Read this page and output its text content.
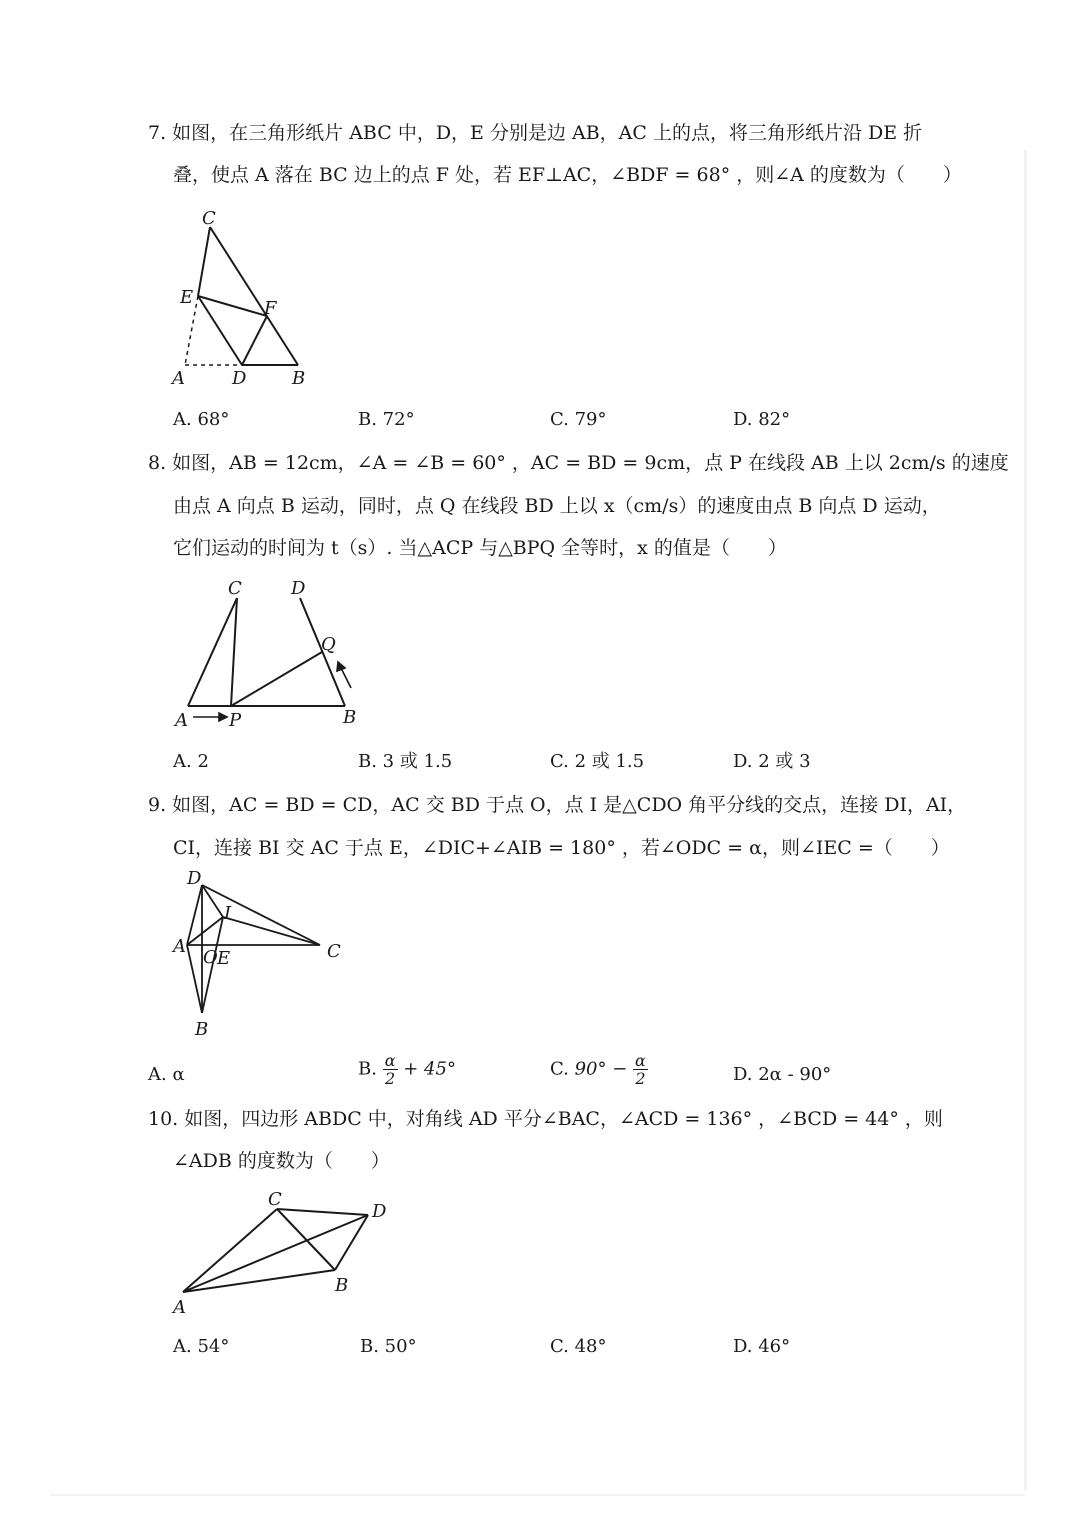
7. 如图，在三角形纸片 ABC 中，D，E 分别是边 AB，AC 上的点，将三角形纸片沿 DE 折
叠，使点 A 落在 BC 边上的点 F 处，若 EF⊥AC，∠BDF = 68° ，则∠A 的度数为（　　）
C
E
F
A	D	B
A. 68°	B. 72°	C. 79°	D. 82°
8. 如图，AB = 12cm，∠A = ∠B = 60° ，AC = BD = 9cm，点 P 在线段 AB 上以 2cm/s 的速度
由点 A 向点 B 运动，同时，点 Q 在线段 BD 上以 x（cm/s）的速度由点 B 向点 D 运动，
它们运动的时间为 t（s）. 当△ACP 与△BPQ 全等时，x 的值是（　　）
C	D
Q
A P	B
A. 2	B. 3 或 1.5	C. 2 或 1.5	D. 2 或 3
9. 如图，AC = BD = CD，AC 交 BD 于点 O，点 I 是△CDO 角平分线的交点，连接 DI，AI，
CI，连接 BI 交 AC 于点 E，∠DIC+∠AIB = 180° ，若∠ODC = α，则∠IEC =（　　）
D
I
A
O E	C
B
A. α	B. $\frac{\alpha}{2} + 45^\circ$	C. $90^\circ - \frac{\alpha}{2}$	D. 2α - 90°
10. 如图，四边形 ABDC 中，对角线 AD 平分∠BAC，∠ACD = 136° ，∠BCD = 44° ，则
∠ADB 的度数为（　　）
C
D
B
A
A. 54°	B. 50°	C. 48°	D. 46°
